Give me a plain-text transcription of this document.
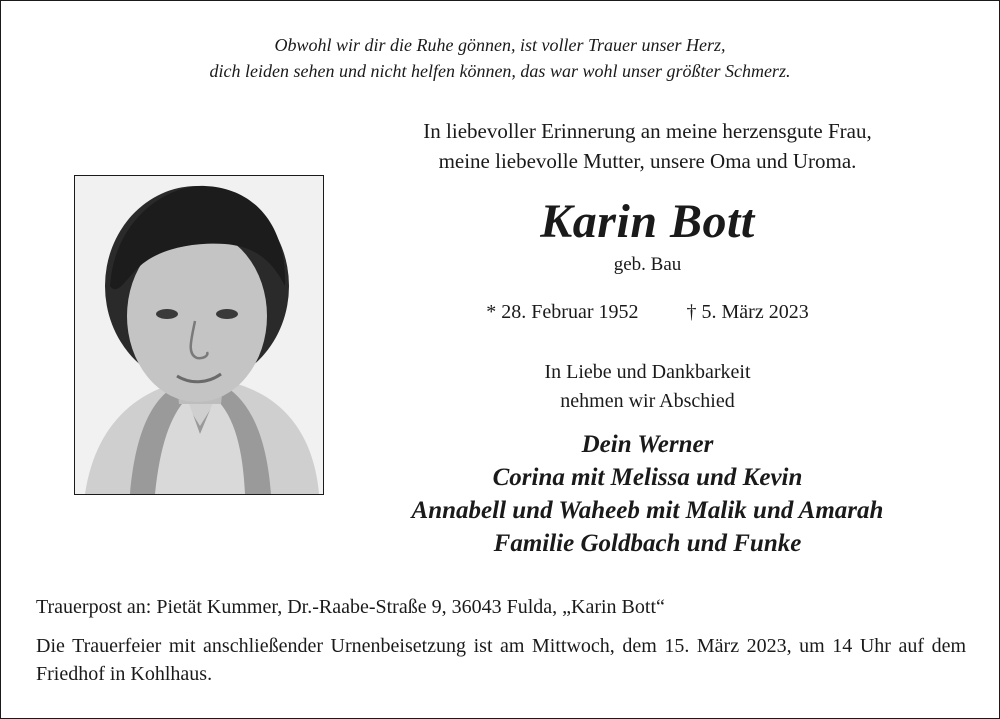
Obwohl wir dir die Ruhe gönnen, ist voller Trauer unser Herz,
dich leiden sehen und nicht helfen können, das war wohl unser größter Schmerz.
In liebevoller Erinnerung an meine herzensgute Frau,
meine liebevolle Mutter, unsere Oma und Uroma.
Karin Bott
geb. Bau
* 28. Februar 1952 † 5. März 2023
In Liebe und Dankbarkeit
nehmen wir Abschied
Dein Werner
Corina mit Melissa und Kevin
Annabell und Waheeb mit Malik und Amarah
Familie Goldbach und Funke
Trauerpost an: Pietät Kummer, Dr.-Raabe-Straße 9, 36043 Fulda, „Karin Bott“
Die Trauerfeier mit anschließender Urnenbeisetzung ist am Mittwoch, dem 15. März 2023, um 14 Uhr auf dem Friedhof in Kohlhaus.
